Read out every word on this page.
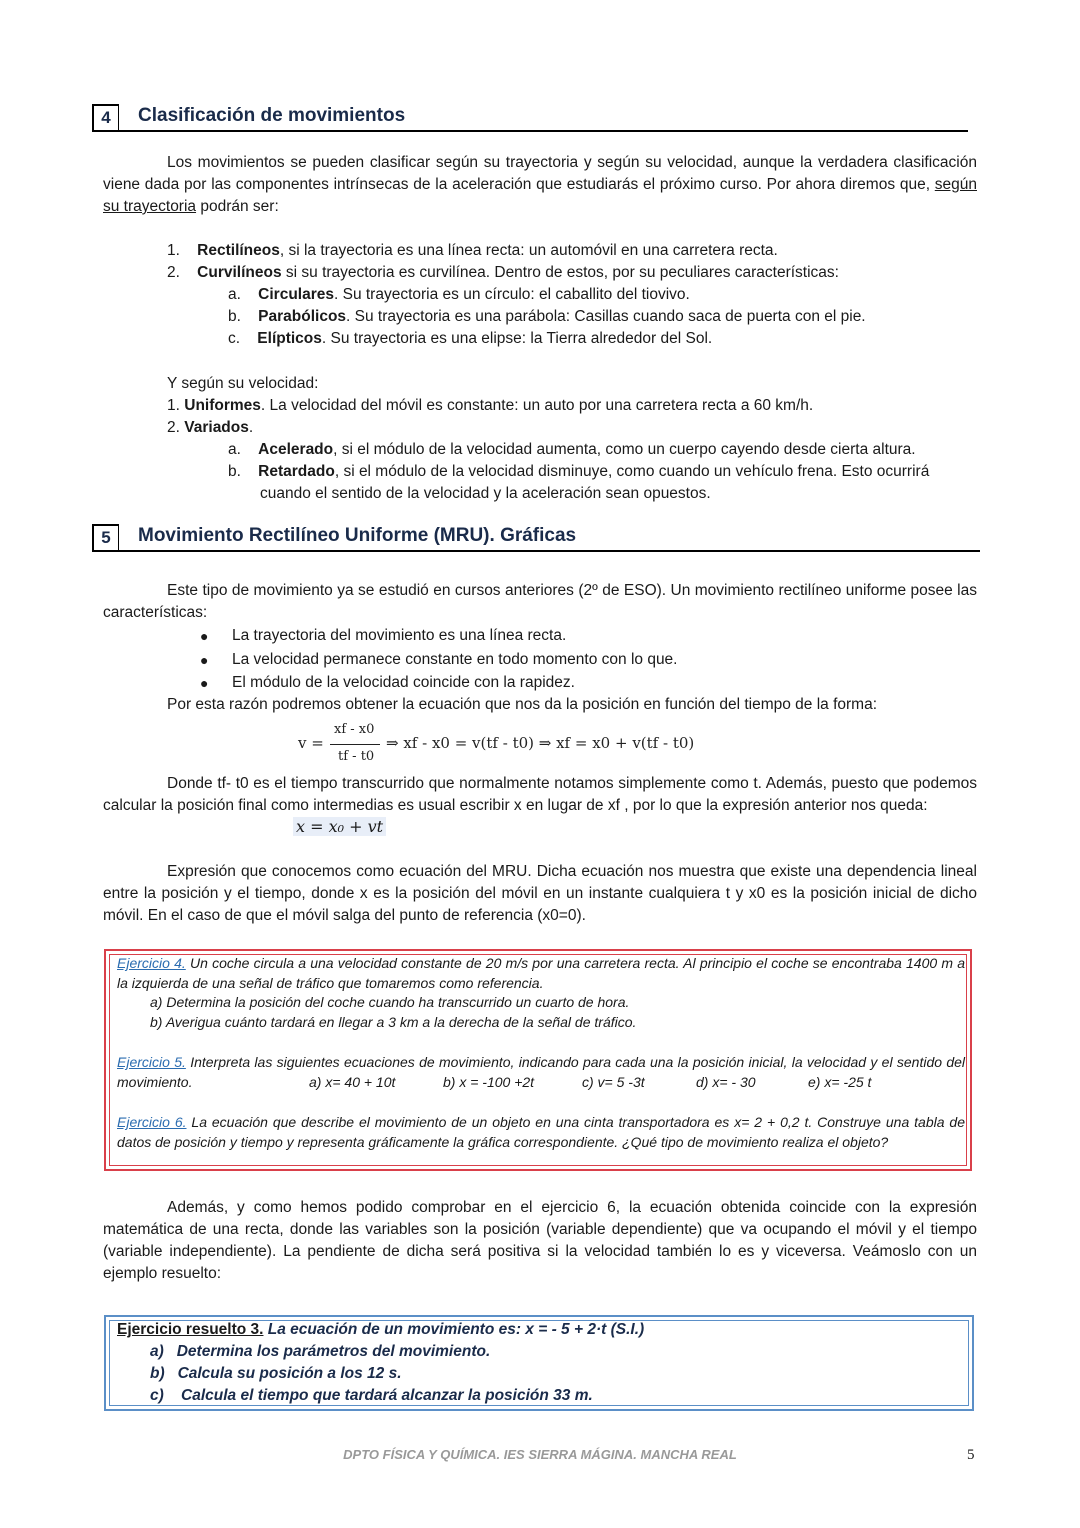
4	Clasificación de movimientos

Los movimientos se pueden clasificar según su trayectoria y según su velocidad, aunque la verdadera clasificación viene dada por las componentes intrínsecas de la aceleración que estudiarás el próximo curso. Por ahora diremos que, según su trayectoria podrán ser:

1. Rectilíneos, si la trayectoria es una línea recta: un automóvil en una carretera recta.
2. Curvilíneos si su trayectoria es curvilínea. Dentro de estos, por su peculiares características:
a. Circulares. Su trayectoria es un círculo: el caballito del tiovivo.
b. Parabólicos. Su trayectoria es una parábola: Casillas cuando saca de puerta con el pie.
c. Elípticos. Su trayectoria es una elipse: la Tierra alrededor del Sol.
Y según su velocidad:
1. Uniformes. La velocidad del móvil es constante: un auto por una carretera recta a 60 km/h.
2. Variados.
a. Acelerado, si el módulo de la velocidad aumenta, como un cuerpo cayendo desde cierta altura.
b. Retardado, si el módulo de la velocidad disminuye, como cuando un vehículo frena. Esto ocurrirá
cuando el sentido de la velocidad y la aceleración sean opuestos.
5	Movimiento Rectilíneo Uniforme (MRU). Gráficas

Este tipo de movimiento ya se estudió en cursos anteriores (2º de ESO). Un movimiento rectilíneo uniforme posee las características:

● La trayectoria del movimiento es una línea recta.
● La velocidad permanece constante en todo momento con lo que.
● El módulo de la velocidad coincide con la rapidez.
Por esta razón podremos obtener la ecuación que nos da la posición en función del tiempo de la forma:
v =
xf - x0
tf - t0
⇒ xf - x0 = v(tf - t0) ⇒ xf = x0 + v(tf - t0)

Donde tf- t0 es el tiempo transcurrido que normalmente notamos simplemente como t. Además, puesto que podemos calcular la posición final como intermedias es usual escribir x en lugar de xf , por lo que la expresión anterior nos queda:

x = x₀ + vt

Expresión que conocemos como ecuación del MRU. Dicha ecuación nos muestra que existe una dependencia lineal entre la posición y el tiempo, donde x es la posición del móvil en un instante cualquiera t y x0 es la posición inicial de dicho móvil. En el caso de que el móvil salga del punto de referencia (x0=0).

Ejercicio 4. Un coche circula a una velocidad constante de 20 m/s por una carretera recta. Al principio el coche se encontraba 1400 m a la izquierda de una señal de tráfico que tomaremos como referencia.

a) Determina la posición del coche cuando ha transcurrido un cuarto de hora.
b) Averigua cuánto tardará en llegar a 3 km a la derecha de la señal de tráfico.

Ejercicio 5. Interpreta las siguientes ecuaciones de movimiento, indicando para cada una la posición inicial, la velocidad y el sentido del movimiento.	a) x= 40 + 10t	b) x = -100 +2t	c) v= 5 -3t	d) x= - 30	e) x= -25 t

Ejercicio 6. La ecuación que describe el movimiento de un objeto en una cinta transportadora es x= 2 + 0,2 t. Construye una tabla de datos de posición y tiempo y representa gráficamente la gráfica correspondiente. ¿Qué tipo de movimiento realiza el objeto?

Además, y como hemos podido comprobar en el ejercicio 6, la ecuación obtenida coincide con la expresión matemática de una recta, donde las variables son la posición (variable dependiente) que va ocupando el móvil y el tiempo (variable independiente). La pendiente de dicha será positiva si la velocidad también lo es y viceversa. Veámoslo con un ejemplo resuelto:

Ejercicio resuelto 3. La ecuación de un movimiento es: x = - 5 + 2·t (S.I.)
a) Determina los parámetros del movimiento.
b) Calcula su posición a los 12 s.
c) Calcula el tiempo que tardará alcanzar la posición 33 m.
DPTO FÍSICA Y QUÍMICA. IES SIERRA MÁGINA. MANCHA REAL	5
